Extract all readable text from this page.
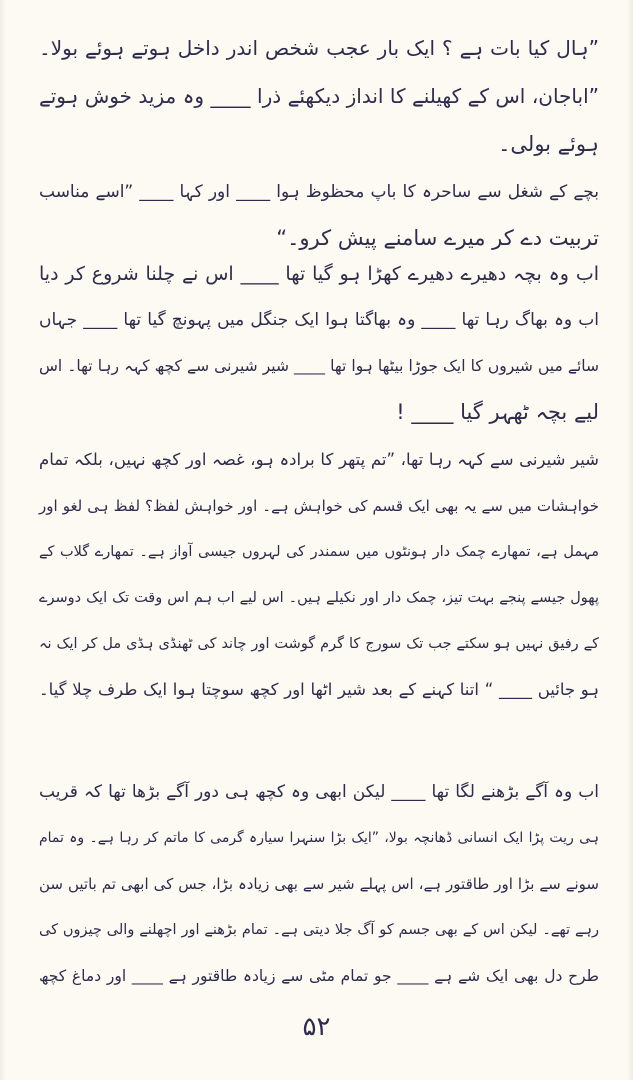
”ہال کیا بات ہے ؟ ایک بار عجب شخص اندر داخل ہوتے ہوئے بولا۔
”اباجان، اس کے کھیلنے کا انداز دیکھئے ذرا ____ وہ مزید خوش ہوتے
ہوئے بولی۔
بچے کے شغل سے ساحرہ کا باپ محظوظ ہوا ____ اور کہا ____ ”اسے مناسب
تربیت دے کر میرے سامنے پیش کرو۔“
اب وہ بچہ دھیرے دھیرے کھڑا ہو گیا تھا ____ اس نے چلنا شروع کر دیا
اب وہ بھاگ رہا تھا ____ وہ بھاگتا ہوا ایک جنگل میں پہونچ گیا تھا ____ جہاں
سائے میں شیروں کا ایک جوڑا بیٹھا ہوا تھا ____ شیر شیرنی سے کچھ کہہ رہا تھا۔ اس
لیے بچہ ٹھہر گیا ____ !
شیر شیرنی سے کہہ رہا تھا، ”تم پتھر کا برادہ ہو، غصہ اور کچھ نہیں، بلکہ تمام
خواہشات میں سے یہ بھی ایک قسم کی خواہش ہے۔ اور خواہش لفظ؟ لفظ ہی لغو اور
مہمل ہے، تمھارے چمک دار ہونٹوں میں سمندر کی لہروں جیسی آواز ہے۔ تمھارے گلاب کے
پھول جیسے پنجے بہت تیز، چمک دار اور نکیلے ہیں۔ اس لیے اب ہم اس وقت تک ایک دوسرے
کے رفیق نہیں ہو سکتے جب تک سورج کا گرم گوشت اور چاند کی ٹھنڈی ہڈی مل کر ایک نہ
ہو جائیں ____ “ اتنا کہنے کے بعد شیر اٹھا اور کچھ سوچتا ہوا ایک طرف چلا گیا۔
اب وہ آگے بڑھنے لگا تھا ____ لیکن ابھی وہ کچھ ہی دور آگے بڑھا تھا کہ قریب
ہی ریت پڑا ایک انسانی ڈھانچہ بولا، ”ایک بڑا سنہرا سیارہ گرمی کا ماتم کر رہا ہے۔ وہ تمام
سونے سے بڑا اور طاقتور ہے، اس پہلے شیر سے بھی زیادہ بڑا، جس کی ابھی تم باتیں سن
رہے تھے۔ لیکن اس کے بھی جسم کو آگ جلا دیتی ہے۔ تمام بڑھنے اور اچھلنے والی چیزوں کی
طرح دل بھی ایک شے ہے ____ جو تمام مٹی سے زیادہ طاقتور ہے ____ اور دماغ کچھ
۵۲
